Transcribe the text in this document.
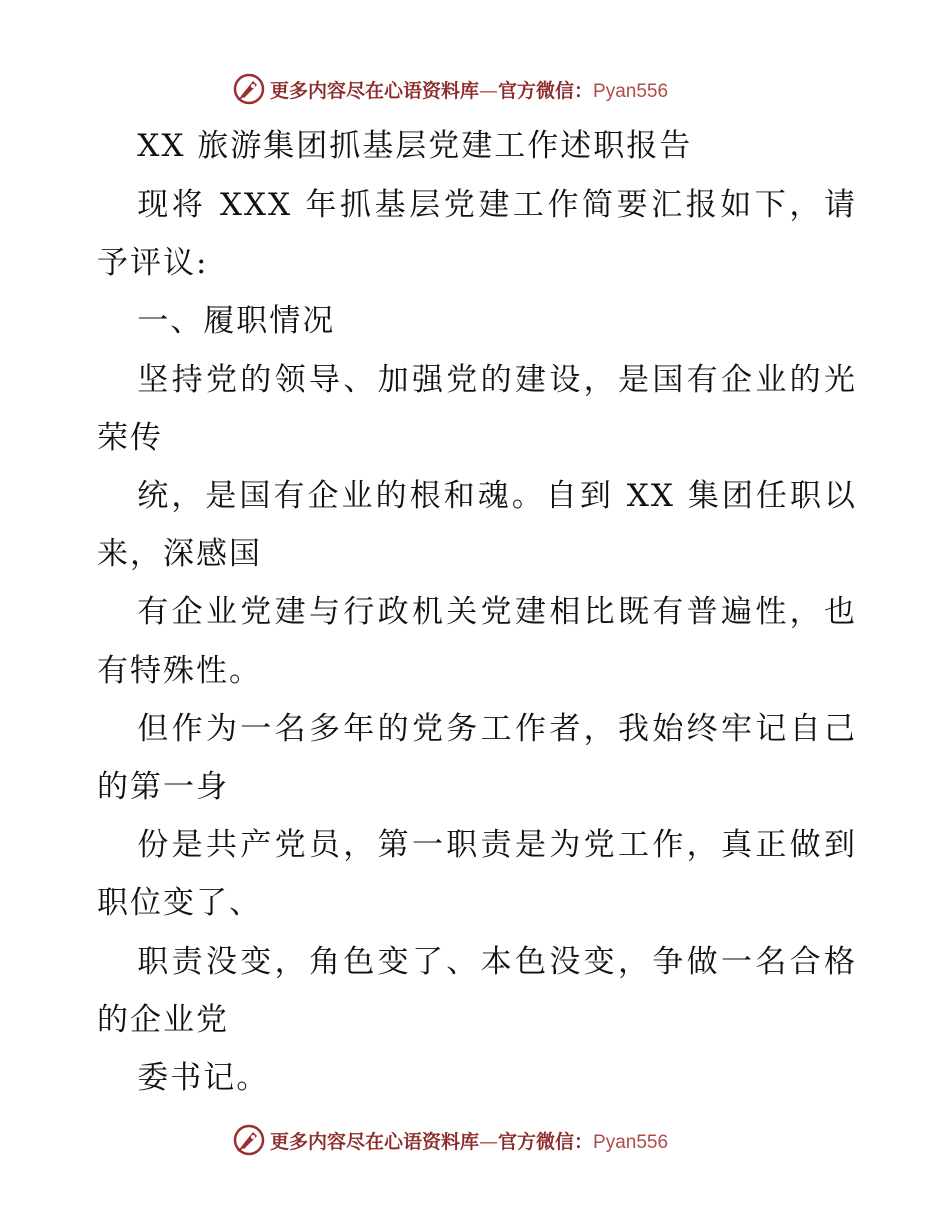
更多内容尽在心语资料库—官方微信：Pyan556

XX 旅游集团抓基层党建工作述职报告

现将 XXX 年抓基层党建工作简要汇报如下，请予评议:

一、履职情况

坚持党的领导、加强党的建设，是国有企业的光荣传

统，是国有企业的根和魂。自到 XX 集团任职以来，深感国

有企业党建与行政机关党建相比既有普遍性，也有特殊性。

但作为一名多年的党务工作者，我始终牢记自己的第一身

份是共产党员，第一职责是为党工作，真正做到职位变了、

职责没变，角色变了、本色没变，争做一名合格的企业党

委书记。

更多内容尽在心语资料库—官方微信：Pyan556
